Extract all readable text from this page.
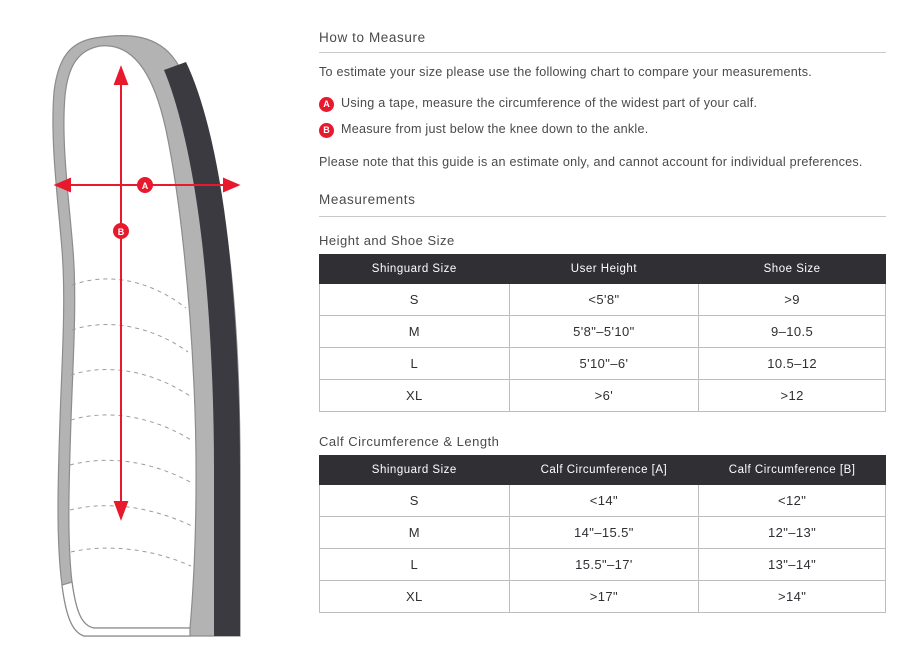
A
B
How to Measure

To estimate your size please use the following chart to compare your measurements.

A Using a tape, measure the circumference of the widest part of your calf.
B Measure from just below the knee down to the ankle.

Please note that this guide is an estimate only, and cannot account for individual preferences.

Measurements
Height and Shoe Size
Shinguard Size	User Height	Shoe Size
S	<5'8"	>9
M	5'8"–5'10"	9–10.5
L	5'10"–6'	10.5–12
XL	>6'	>12
Calf Circumference & Length
Shinguard Size	Calf Circumference [A]	Calf Circumference [B]
S	<14"	<12"
M	14"–15.5"	12"–13"
L	15.5"–17'	13"–14"
XL	>17"	>14"
